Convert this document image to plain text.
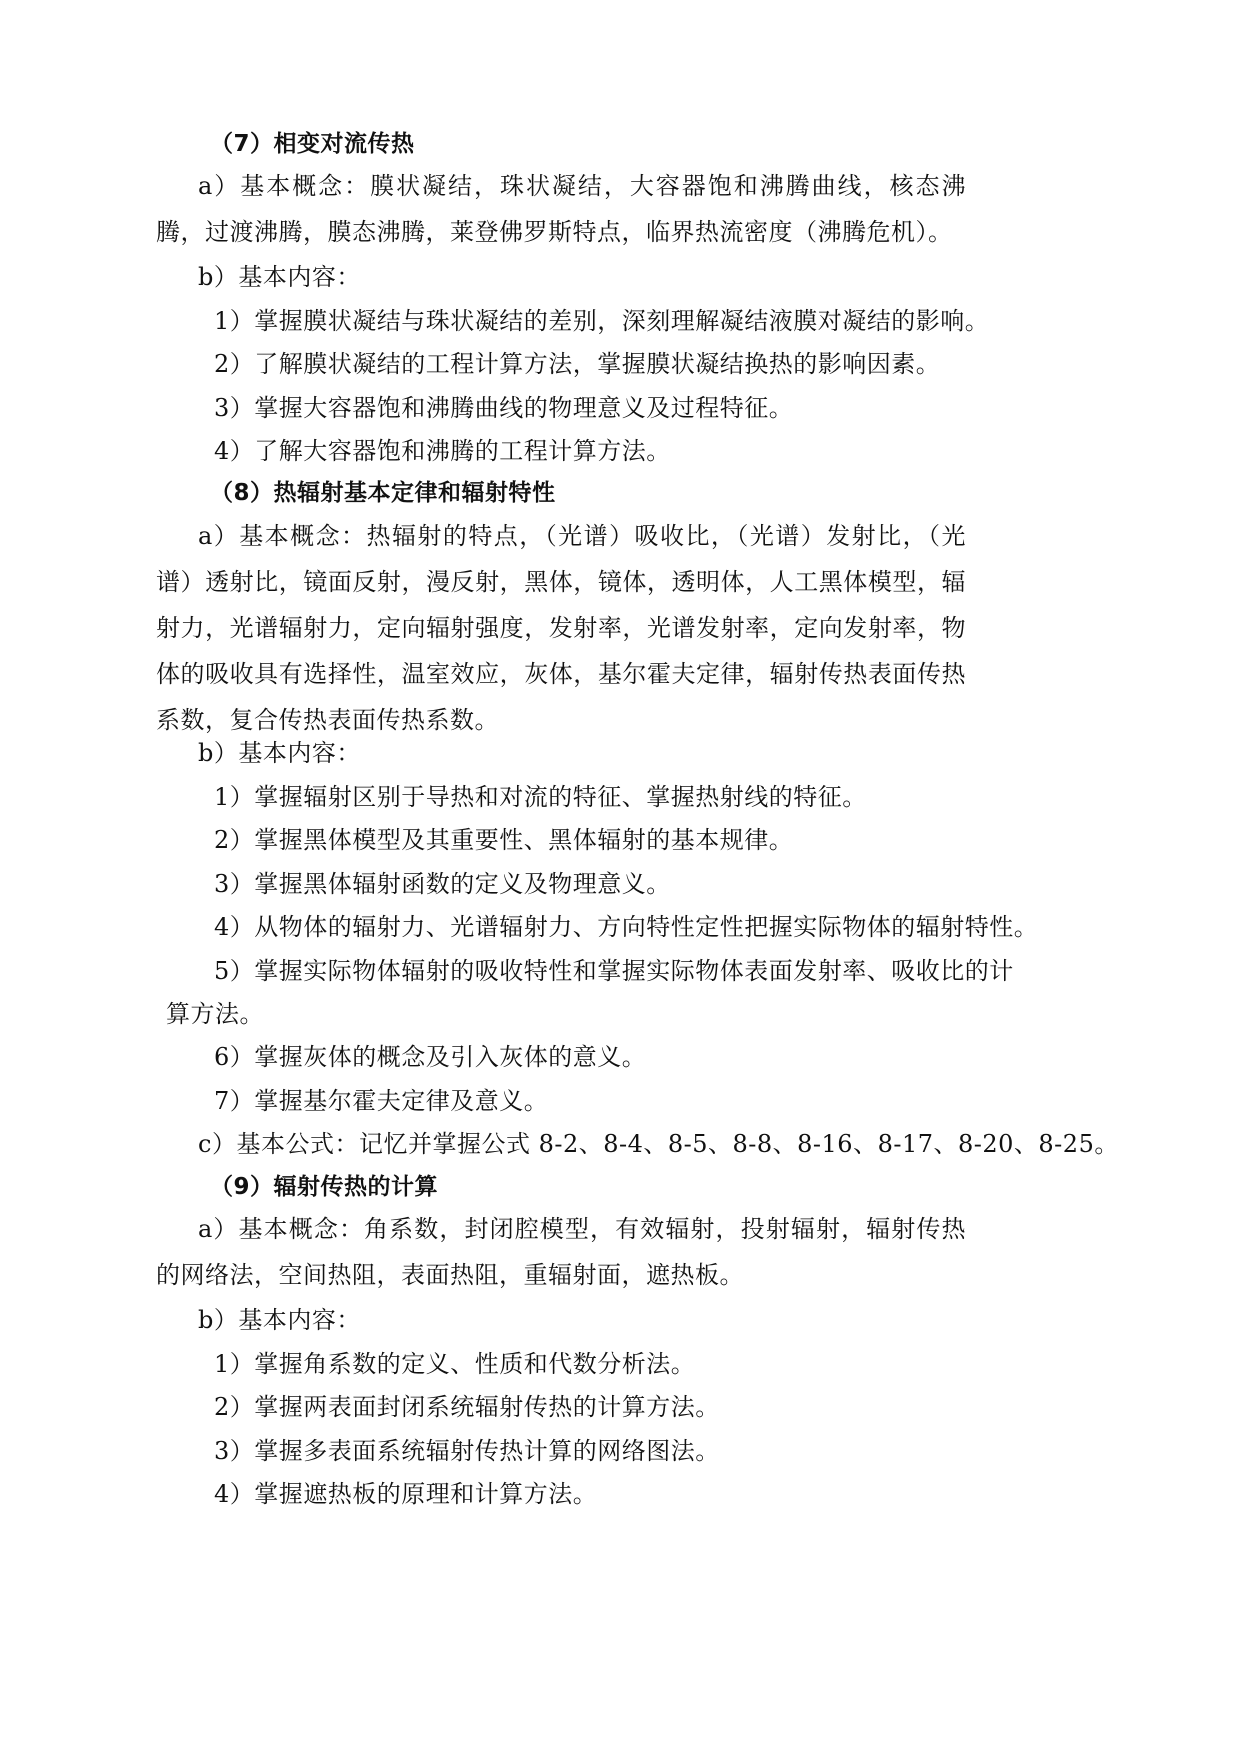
（7）相变对流传热
a）基本概念：膜状凝结，珠状凝结，大容器饱和沸腾曲线，核态沸腾，过渡沸腾，膜态沸腾，莱登佛罗斯特点，临界热流密度（沸腾危机）。
b）基本内容：
1）掌握膜状凝结与珠状凝结的差别，深刻理解凝结液膜对凝结的影响。
2）了解膜状凝结的工程计算方法，掌握膜状凝结换热的影响因素。
3）掌握大容器饱和沸腾曲线的物理意义及过程特征。
4）了解大容器饱和沸腾的工程计算方法。
（8）热辐射基本定律和辐射特性
a）基本概念：热辐射的特点，（光谱）吸收比，（光谱）发射比，（光谱）透射比，镜面反射，漫反射，黑体，镜体，透明体，人工黑体模型，辐射力，光谱辐射力，定向辐射强度，发射率，光谱发射率，定向发射率，物体的吸收具有选择性，温室效应，灰体，基尔霍夫定律，辐射传热表面传热系数，复合传热表面传热系数。
b）基本内容：
1）掌握辐射区别于导热和对流的特征、掌握热射线的特征。
2）掌握黑体模型及其重要性、黑体辐射的基本规律。
3）掌握黑体辐射函数的定义及物理意义。
4）从物体的辐射力、光谱辐射力、方向特性定性把握实际物体的辐射特性。
5）掌握实际物体辐射的吸收特性和掌握实际物体表面发射率、吸收比的计
算方法。
6）掌握灰体的概念及引入灰体的意义。
7）掌握基尔霍夫定律及意义。
c）基本公式：记忆并掌握公式 8-2、8-4、8-5、8-8、8-16、8-17、8-20、8-25。
（9）辐射传热的计算
a）基本概念：角系数，封闭腔模型，有效辐射，投射辐射，辐射传热的网络法，空间热阻，表面热阻，重辐射面，遮热板。
b）基本内容：
1）掌握角系数的定义、性质和代数分析法。
2）掌握两表面封闭系统辐射传热的计算方法。
3）掌握多表面系统辐射传热计算的网络图法。
4）掌握遮热板的原理和计算方法。
